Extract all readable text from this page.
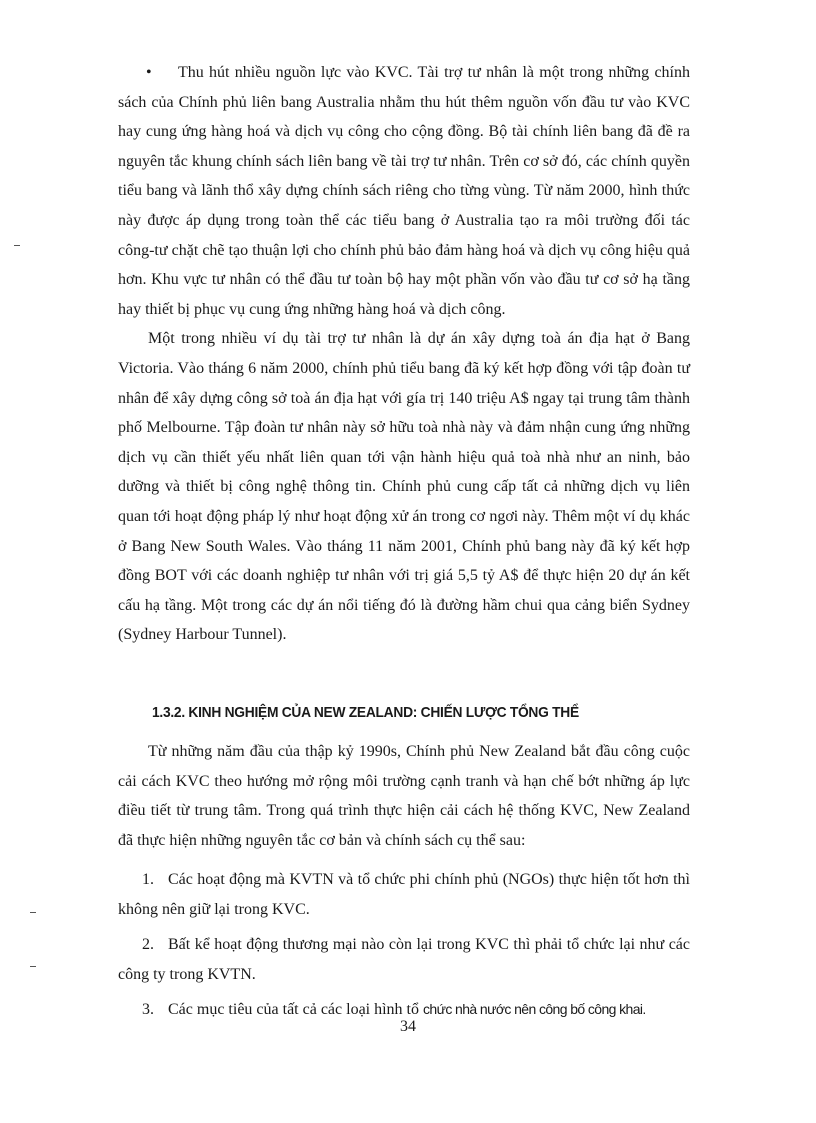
• Thu hút nhiều nguồn lực vào KVC. Tài trợ tư nhân là một trong những chính sách của Chính phủ liên bang Australia nhằm thu hút thêm nguồn vốn đầu tư vào KVC hay cung ứng hàng hoá và dịch vụ công cho cộng đồng. Bộ tài chính liên bang đã đề ra nguyên tắc khung chính sách liên bang về tài trợ tư nhân. Trên cơ sở đó, các chính quyền tiểu bang và lãnh thổ xây dựng chính sách riêng cho từng vùng. Từ năm 2000, hình thức này được áp dụng trong toàn thể các tiểu bang ở Australia tạo ra môi trường đối tác công-tư chặt chẽ tạo thuận lợi cho chính phủ bảo đảm hàng hoá và dịch vụ công hiệu quả hơn. Khu vực tư nhân có thể đầu tư toàn bộ hay một phần vốn vào đầu tư cơ sở hạ tầng hay thiết bị phục vụ cung ứng những hàng hoá và dịch công.

Một trong nhiều ví dụ tài trợ tư nhân là dự án xây dựng toà án địa hạt ở Bang Victoria. Vào tháng 6 năm 2000, chính phủ tiểu bang đã ký kết hợp đồng với tập đoàn tư nhân để xây dựng công sở toà án địa hạt với gía trị 140 triệu A$ ngay tại trung tâm thành phố Melbourne. Tập đoàn tư nhân này sở hữu toà nhà này và đảm nhận cung ứng những dịch vụ cần thiết yếu nhất liên quan tới vận hành hiệu quả toà nhà như an ninh, bảo dưỡng và thiết bị công nghệ thông tin. Chính phủ cung cấp tất cả những dịch vụ liên quan tới hoạt động pháp lý như hoạt động xử án trong cơ ngơi này. Thêm một ví dụ khác ở Bang New South Wales. Vào tháng 11 năm 2001, Chính phủ bang này đã ký kết hợp đồng BOT với các doanh nghiệp tư nhân với trị giá 5,5 tỷ A$ để thực hiện 20 dự án kết cấu hạ tầng. Một trong các dự án nổi tiếng đó là đường hầm chui qua cảng biển Sydney (Sydney Harbour Tunnel).

1.3.2. KINH NGHIỆM CỦA NEW ZEALAND: CHIẾN LƯỢC TỔNG THỂ

Từ những năm đầu của thập kỷ 1990s, Chính phủ New Zealand bắt đầu công cuộc cải cách KVC theo hướng mở rộng môi trường cạnh tranh và hạn chế bớt những áp lực điều tiết từ trung tâm. Trong quá trình thực hiện cải cách hệ thống KVC, New Zealand đã thực hiện những nguyên tắc cơ bản và chính sách cụ thể sau:

1. Các hoạt động mà KVTN và tổ chức phi chính phủ (NGOs) thực hiện tốt hơn thì không nên giữ lại trong KVC.

2. Bất kể hoạt động thương mại nào còn lại trong KVC thì phải tổ chức lại như các công ty trong KVTN.

3. Các mục tiêu của tất cả các loại hình tổ chức nhà nước nên công bố công khai.

34
